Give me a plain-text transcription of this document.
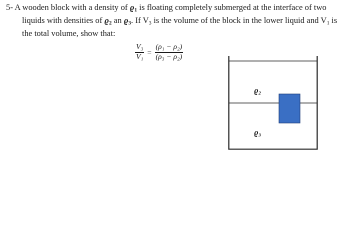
5- A wooden block with a density of $ϱ_1$ is floating completely submerged at the interface of two
liquids with densities of $ϱ_2$ an $ϱ_3$. If $V_3$ is the volume of the block in the lower liquid and $V_1$ is
the total volume, show that:
$\frac{\text{V₃}}{\text{V₁}} = \frac{\text{(ρ₁ − ρ₂)}}{\text{(ρ₃ − ρ₂)}}$
ϱ₂
ϱ₃
